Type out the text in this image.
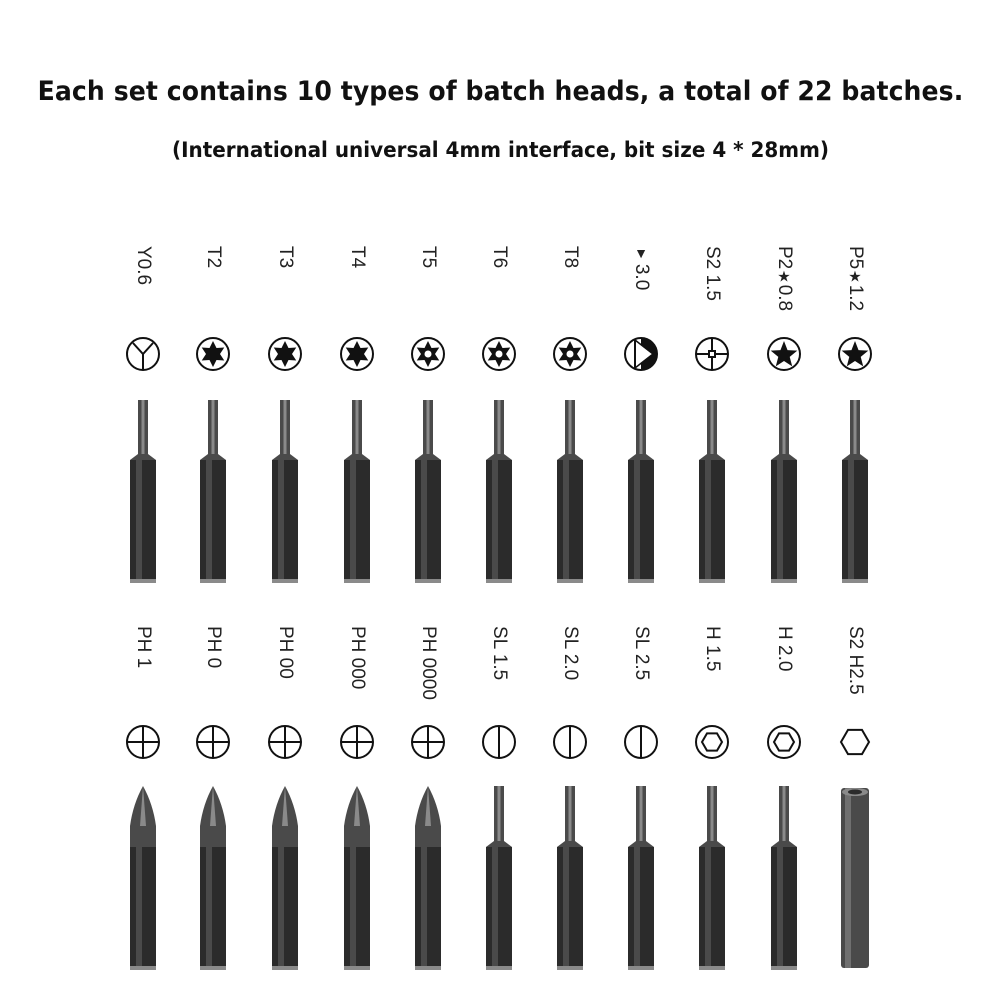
Each set contains 10 types of batch heads, a total of 22 batches.
(International universal 4mm interface, bit size 4 * 28mm)
Y0.6	T2	T3	T4	T5	T6	T8	▼3.0	S2 1.5	P2★0.8
P5★1.2
PH 1	PH 0	PH 00	PH 000	PH 0000	SL 1.5	SL 2.0	SL 2.5	H 1.5	H 2.0	S2 H2.5
